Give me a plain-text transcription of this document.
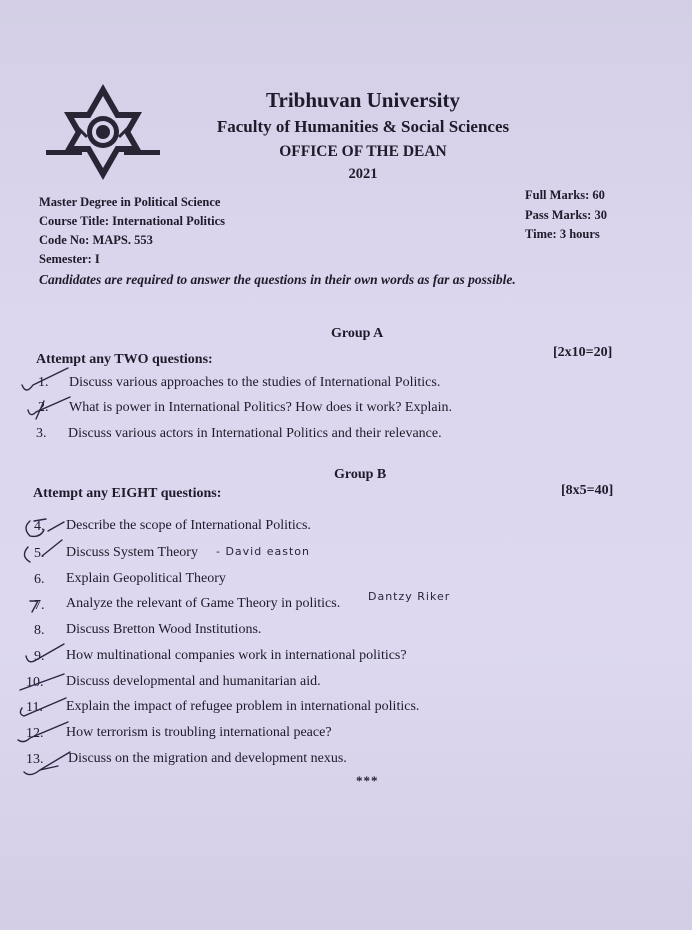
Tribhuvan University
Faculty of Humanities & Social Sciences
OFFICE OF THE DEAN
2021
Master Degree in Political Science
Course Title: International Politics
Code No: MAPS. 553
Semester: I
Full Marks: 60
Pass Marks: 30
Time: 3 hours
Candidates are required to answer the questions in their own words as far as possible.
Group A
Attempt any TWO questions:	[2x10=20]
1. Discuss various approaches to the studies of International Politics.
2. What is power in International Politics? How does it work? Explain.
3. Discuss various actors in International Politics and their relevance.
Group B
Attempt any EIGHT questions:	[8x5=40]
4. Describe the scope of International Politics.
5. Discuss System Theory - David easton
6. Explain Geopolitical Theory
7. Analyze the relevant of Game Theory in politics.	Dantzy Riker
8. Discuss Bretton Wood Institutions.
9. How multinational companies work in international politics?
10. Discuss developmental and humanitarian aid.
11. Explain the impact of refugee problem in international politics.
12. How terrorism is troubling international peace?
13. Discuss on the migration and development nexus.
***
